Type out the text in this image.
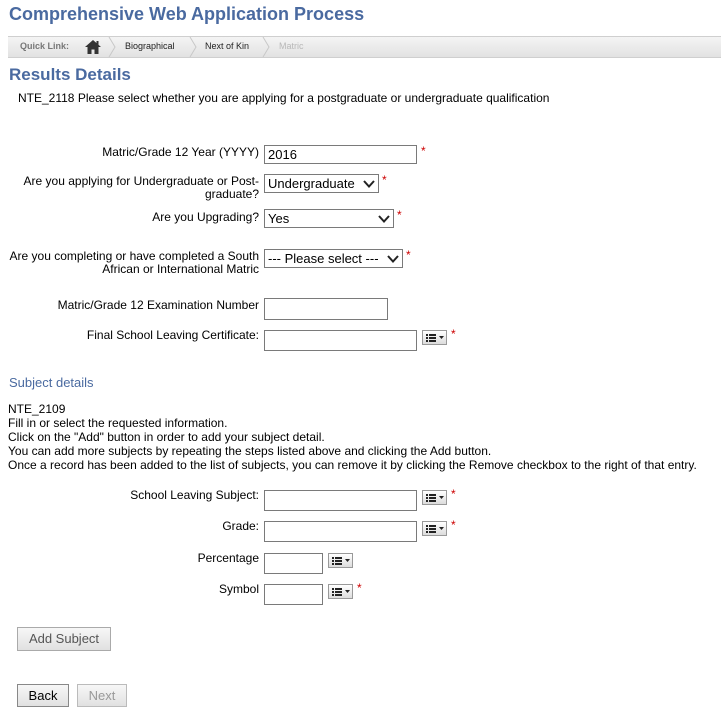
Comprehensive Web Application Process
Quick Link:	Biographical	Next of Kin	Matric
Results Details
NTE_2118 Please select whether you are applying for a postgraduate or undergraduate qualification
Matric/Grade 12 Year (YYYY)
2016	*
Are you applying for Undergraduate or Post-
graduate?
Undergraduate *
Are you Upgrading? Yes	*
Are you completing or have completed a South
African or International Matric
--- Please select --- *
Matric/Grade 12 Examination Number
Final School Leaving Certificate:	*
Subject details
NTE_2109
Fill in or select the requested information.
Click on the "Add" button in order to add your subject detail.
You can add more subjects by repeating the steps listed above and clicking the Add button.
Once a record has been added to the list of subjects, you can remove it by clicking the Remove checkbox to the right of that entry.
School Leaving Subject:	*
Grade:	*
Percentage
Symbol	*
Add Subject
Back	Next
